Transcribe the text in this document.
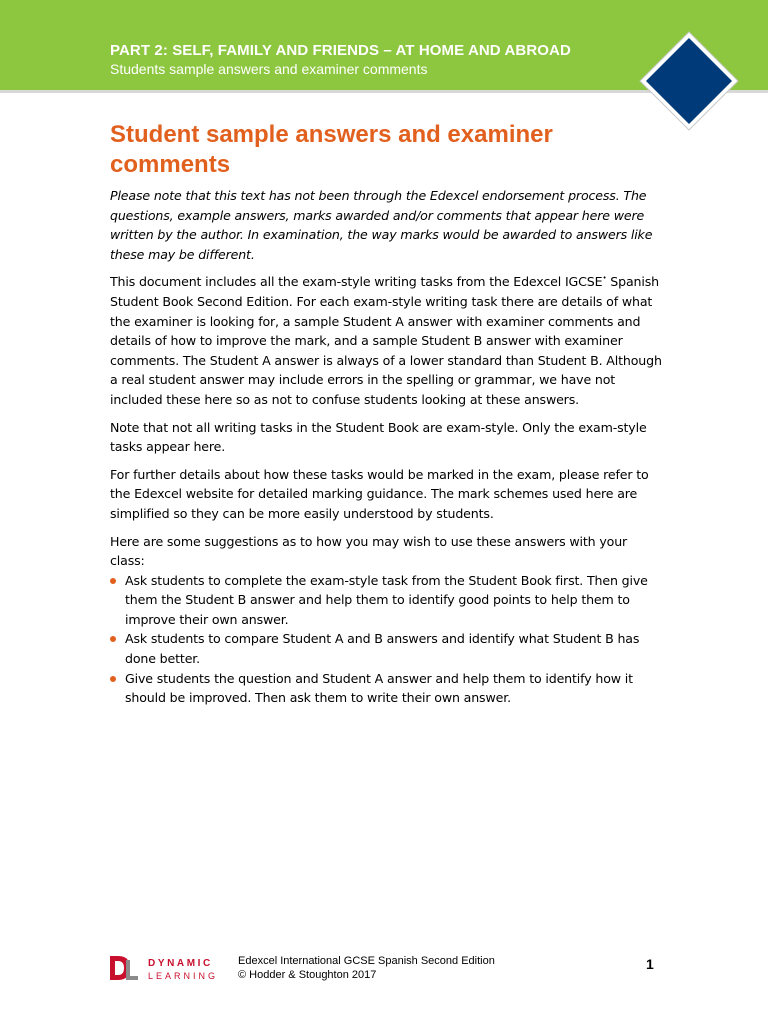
PART 2: SELF, FAMILY AND FRIENDS – AT HOME AND ABROAD
Students sample answers and examiner comments
Student sample answers and examiner comments

Please note that this text has not been through the Edexcel endorsement process. The questions, example answers, marks awarded and/or comments that appear here were written by the author. In examination, the way marks would be awarded to answers like these may be different.

This document includes all the exam-style writing tasks from the Edexcel IGCSE• Spanish Student Book Second Edition. For each exam-style writing task there are details of what the examiner is looking for, a sample Student A answer with examiner comments and details of how to improve the mark, and a sample Student B answer with examiner comments. The Student A answer is always of a lower standard than Student B. Although a real student answer may include errors in the spelling or grammar, we have not included these here so as not to confuse students looking at these answers.

Note that not all writing tasks in the Student Book are exam-style. Only the exam-style tasks appear here.

For further details about how these tasks would be marked in the exam, please refer to the Edexcel website for detailed marking guidance. The mark schemes used here are simplified so they can be more easily understood by students.

Here are some suggestions as to how you may wish to use these answers with your class:

Ask students to complete the exam-style task from the Student Book first. Then give them the Student B answer and help them to identify good points to help them to improve their own answer.
Ask students to compare Student A and B answers and identify what Student B has done better.
Give students the question and Student A answer and help them to identify how it should be improved. Then ask them to write their own answer.
DYNAMIC
LEARNING
Edexcel International GCSE Spanish Second Edition
© Hodder & Stoughton 2017
1
